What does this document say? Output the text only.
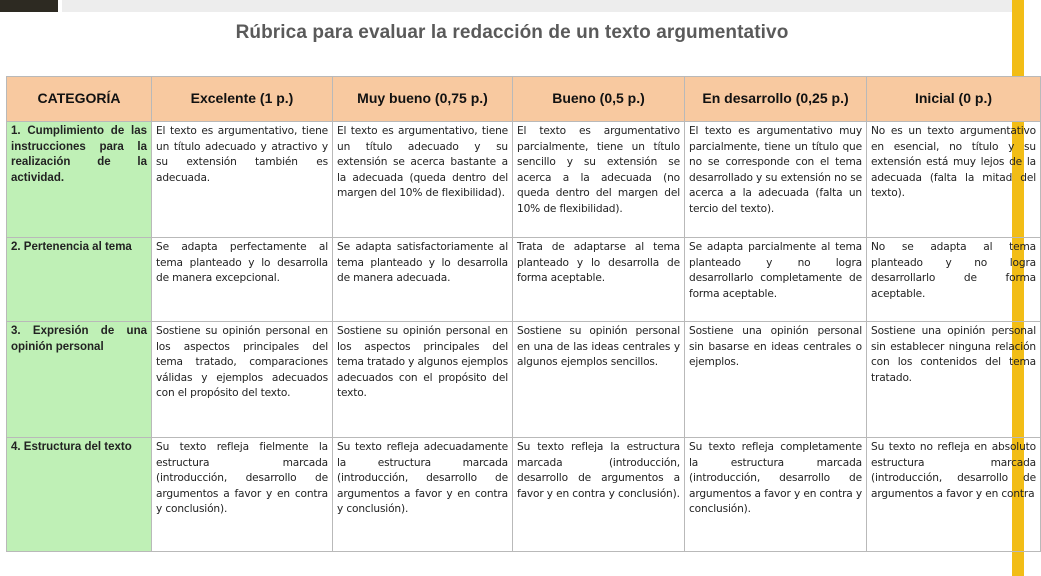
Rúbrica para evaluar la redacción de un texto argumentativo
CATEGORÍA	Excelente (1 p.)	Muy bueno (0,75 p.)	Bueno (0,5 p.)	En desarrollo (0,25 p.)	Inicial (0 p.)
1. Cumplimiento de las instrucciones para la realización de la actividad.	El texto es argumentativo, tiene un título adecuado y atractivo y su extensión también es adecuada.	El texto es argumentativo, tiene un título adecuado y su extensión se acerca bastante a la adecuada (queda dentro del margen del 10% de flexibilidad).	El texto es argumentativo parcialmente, tiene un título sencillo y su extensión se acerca a la adecuada (no queda dentro del margen del 10% de flexibilidad).	El texto es argumentativo muy parcialmente, tiene un título que no se corresponde con el tema desarrollado y su extensión no se acerca a la adecuada (falta un tercio del texto).	No es un texto argumentativo en esencial, no título y su extensión está muy lejos de la adecuada (falta la mitad del texto).
2. Pertenencia al tema	Se adapta perfectamente al tema planteado y lo desarrolla de manera excepcional.	Se adapta satisfactoriamente al tema planteado y lo desarrolla de manera adecuada.	Trata de adaptarse al tema planteado y lo desarrolla de forma aceptable.	Se adapta parcialmente al tema planteado y no logra desarrollarlo completamente de forma aceptable.	No se adapta al tema planteado y no logra desarrollarlo de forma aceptable.
3. Expresión de una opinión personal	Sostiene su opinión personal en los aspectos principales del tema tratado, comparaciones válidas y ejemplos adecuados con el propósito del texto.	Sostiene su opinión personal en los aspectos principales del tema tratado y algunos ejemplos adecuados con el propósito del texto.	Sostiene su opinión personal en una de las ideas centrales y algunos ejemplos sencillos.	Sostiene una opinión personal sin basarse en ideas centrales o ejemplos.	Sostiene una opinión personal sin establecer ninguna relación con los contenidos del tema tratado.
4. Estructura del texto	Su texto refleja fielmente la estructura marcada (introducción, desarrollo de argumentos a favor y en contra y conclusión).	Su texto refleja adecuadamente la estructura marcada (introducción, desarrollo de argumentos a favor y en contra y conclusión).	Su texto refleja la estructura marcada (introducción, desarrollo de argumentos a favor y en contra y conclusión).	Su texto refleja completamente la estructura marcada (introducción, desarrollo de argumentos a favor y en contra y conclusión).	Su texto no refleja en absoluto estructura marcada (introducción, desarrollo de argumentos a favor y en contra
